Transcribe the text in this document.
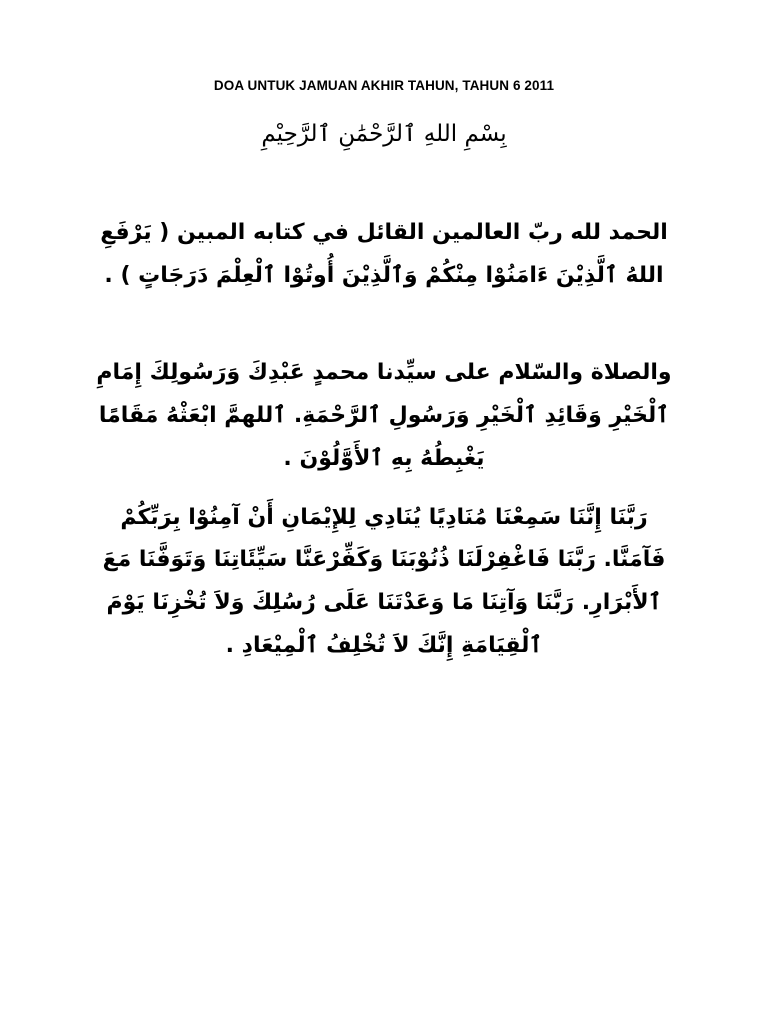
DOA UNTUK JAMUAN AKHIR TAHUN, TAHUN 6 2011
بِسْمِ اللهِ ٱلرَّحْمَٰنِ ٱلرَّحِيْمِ
الحمد لله ربّ العالمين القائل في كتابه المبين ( يَرْفَعِ اللهُ ٱلَّذِيْنَ ءَامَنُوْا مِنْكُمْ وَٱلَّذِيْنَ أُوتُوْا ٱلْعِلْمَ دَرَجَاتٍ ) .
والصلاة والسّلام على سيِّدنا محمدٍ عَبْدِكَ وَرَسُولِكَ إِمَامِ ٱلْخَيْرِ وَقَائِدِ ٱلْخَيْرِ وَرَسُولِ ٱلرَّحْمَةِ. ٱللهمَّ ابْعَثْهُ مَقَامًا يَغْبِطُهُ بِهِ ٱلأَوَّلُوْنَ .
رَبَّنَا إِنَّنَا سَمِعْنَا مُنَادِيًا يُنَادِي لِلإِيْمَانِ أَنْ آمِنُوْا بِرَبِّكُمْ فَآمَنَّا. رَبَّنَا فَاغْفِرْلَنَا ذُنُوْبَنَا وَكَفِّرْعَنَّا سَيِّئَاتِنَا وَتَوَفَّنَا مَعَ ٱلأَبْرَارِ. رَبَّنَا وَآتِنَا مَا وَعَدْتَنَا عَلَى رُسُلِكَ وَلاَ تُخْزِنَا يَوْمَ ٱلْقِيَامَةِ إِنَّكَ لاَ تُخْلِفُ ٱلْمِيْعَادِ .
